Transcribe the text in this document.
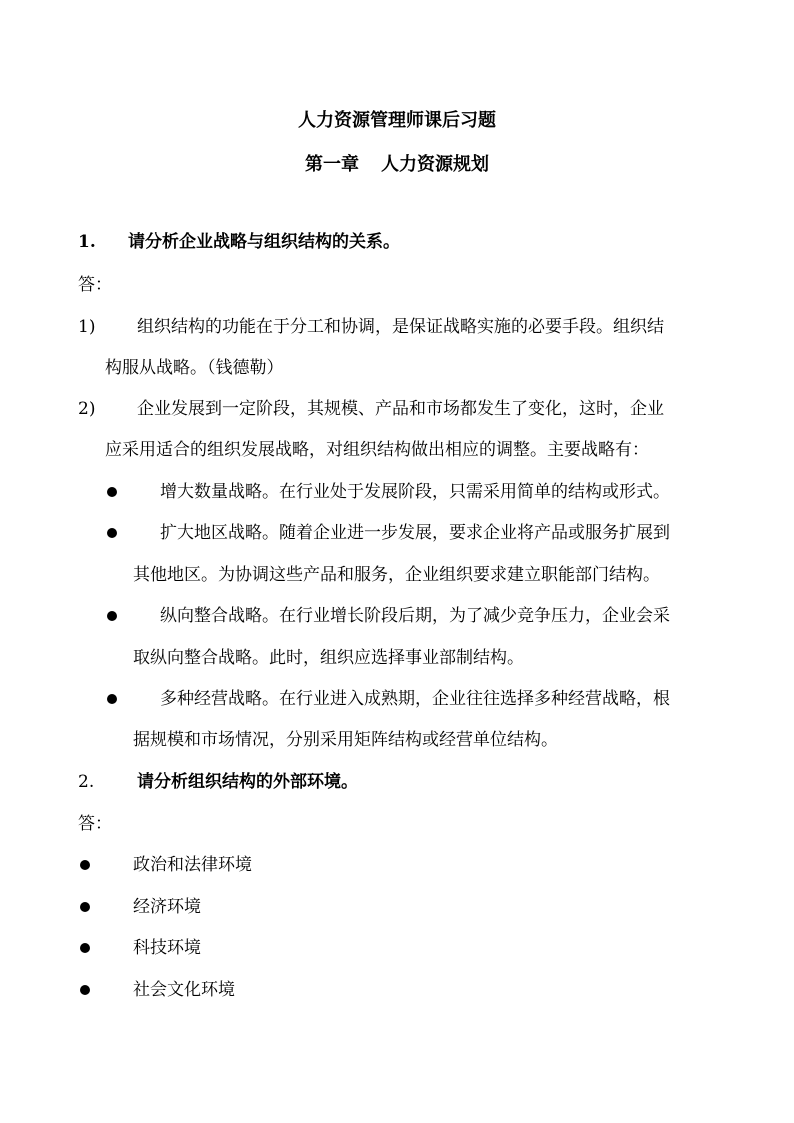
人力资源管理师课后习题
第一章 人力资源规划
1. 请分析企业战略与组织结构的关系。
答：
1) 组织结构的功能在于分工和协调，是保证战略实施的必要手段。组织结
构服从战略。（钱德勒）
2) 企业发展到一定阶段，其规模、产品和市场都发生了变化，这时，企业
应采用适合的组织发展战略，对组织结构做出相应的调整。主要战略有：
增大数量战略。在行业处于发展阶段，只需采用简单的结构或形式。
扩大地区战略。随着企业进一步发展，要求企业将产品或服务扩展到
其他地区。为协调这些产品和服务，企业组织要求建立职能部门结构。
纵向整合战略。在行业增长阶段后期，为了减少竞争压力，企业会采
取纵向整合战略。此时，组织应选择事业部制结构。
多种经营战略。在行业进入成熟期，企业往往选择多种经营战略，根
据规模和市场情况，分别采用矩阵结构或经营单位结构。
2.	请分析组织结构的外部环境。
答：
政治和法律环境
经济环境
科技环境
社会文化环境
